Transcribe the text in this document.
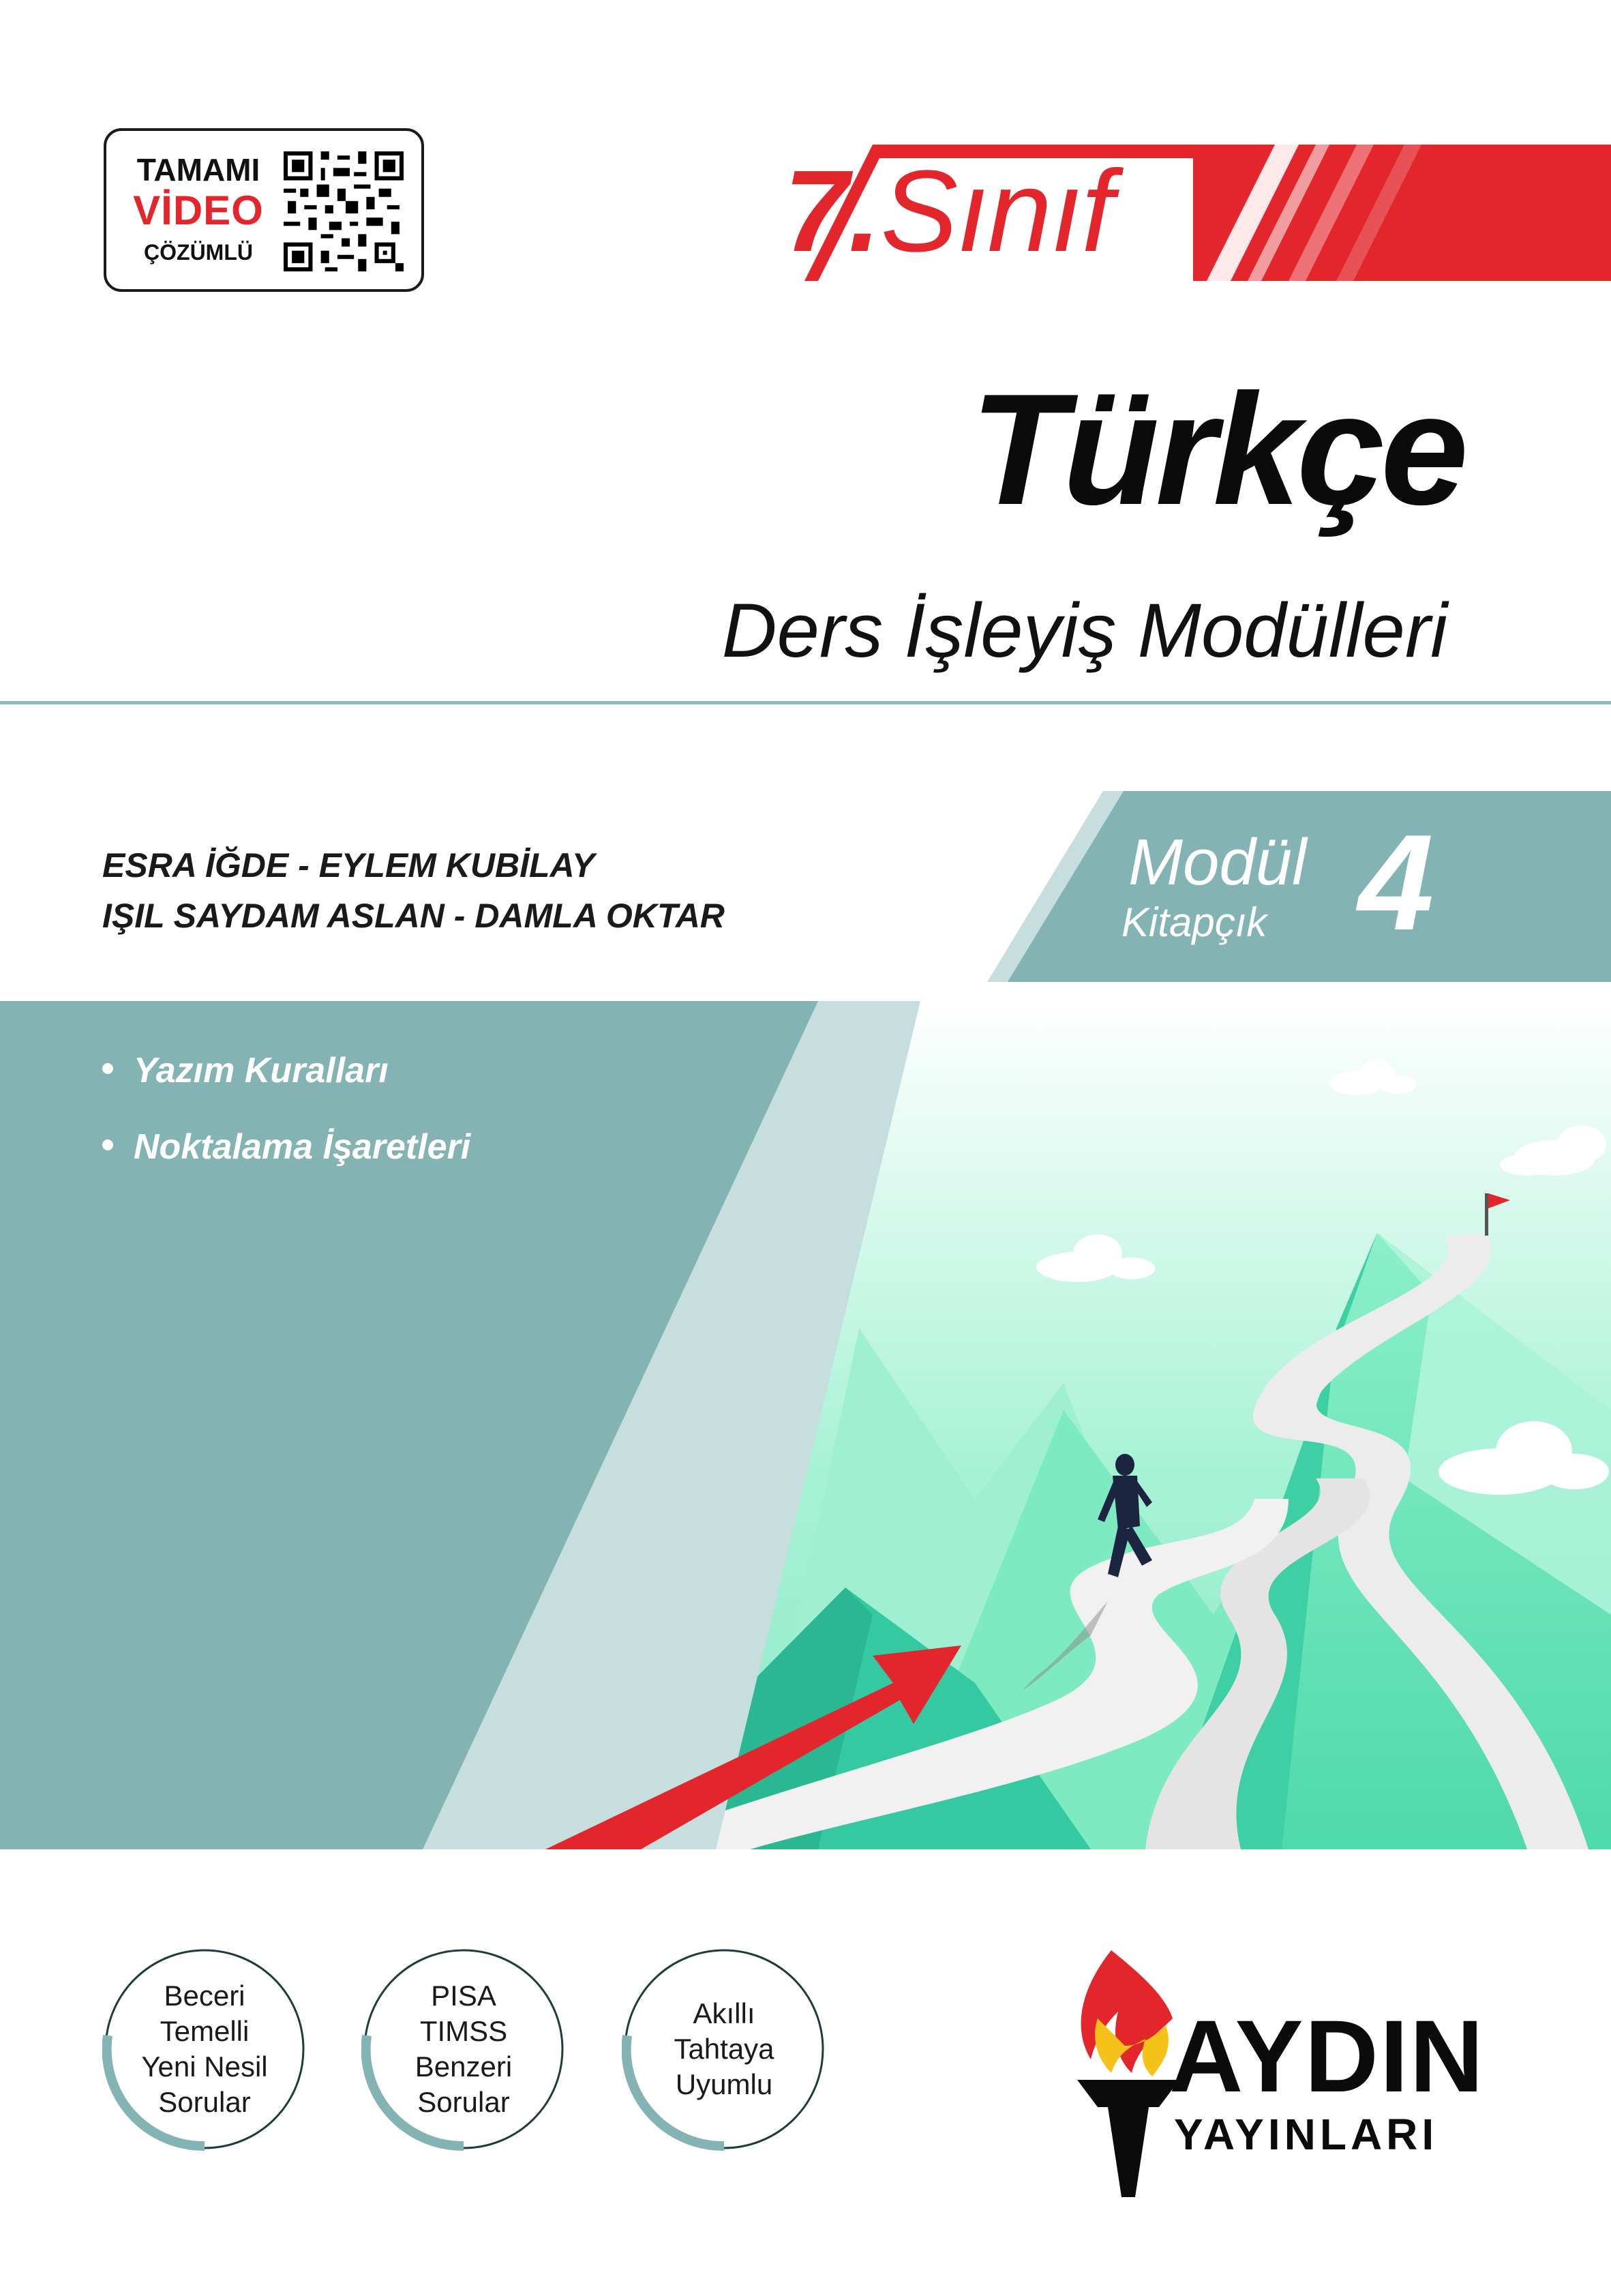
TAMAMI
VİDEO
ÇÖZÜMLÜ	7.Sınıf
Türkçe
Ders İşleyiş Modülleri
ESRA İĞDE - EYLEM KUBİLAY
IŞIL SAYDAM ASLAN - DAMLA OKTAR
Modül
Kitapçık 4
Yazım Kuralları
Noktalama İşaretleri
Beceri
Temelli
Yeni Nesil
Sorular
PISA
TIMSS
Benzeri
Sorular
Akıllı
Tahtaya
Uyumlu	AYDIN
YAYINLARI
